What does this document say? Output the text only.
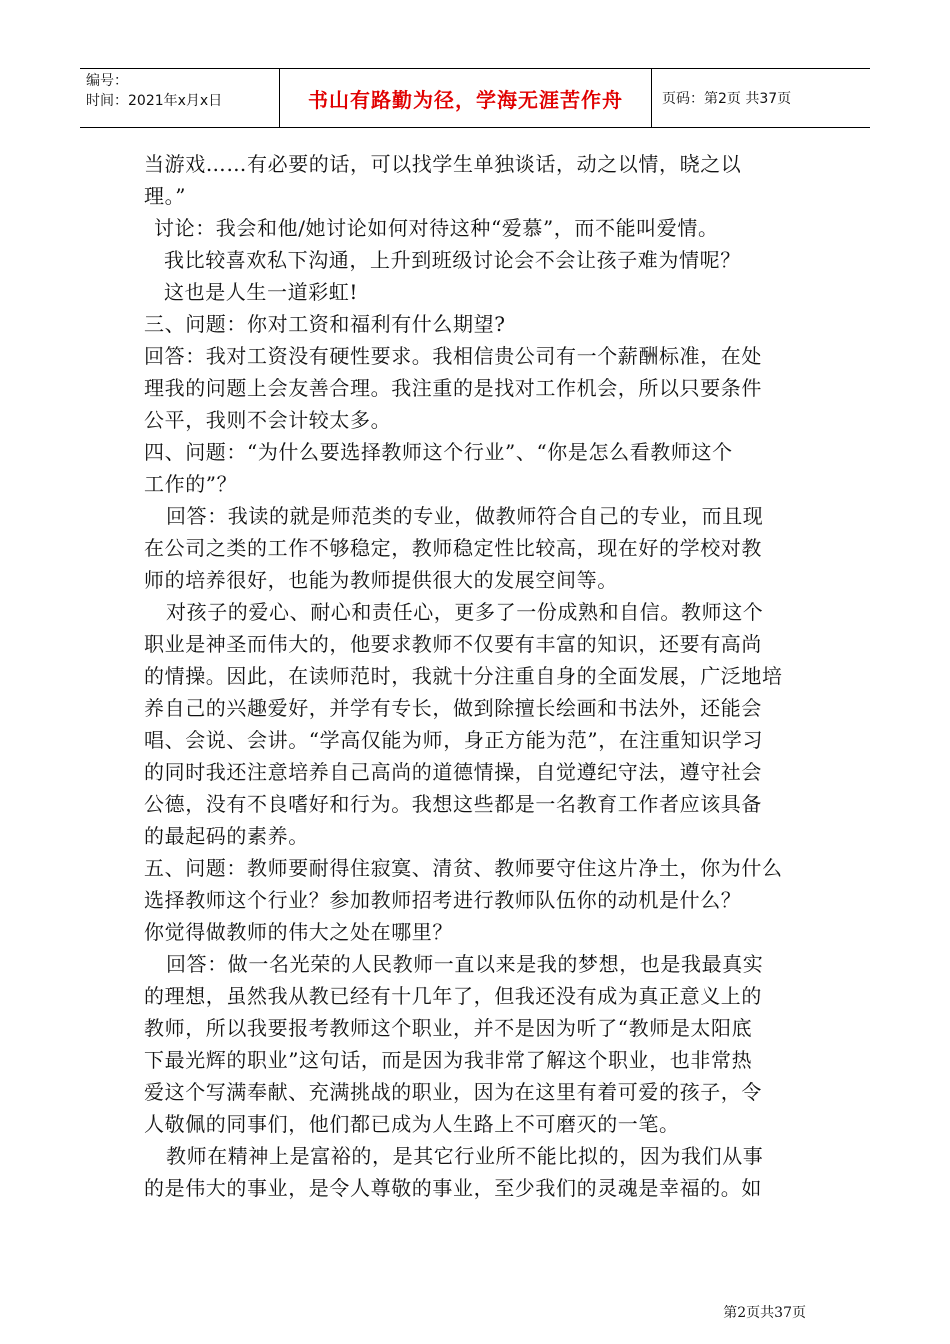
编号：
时间：2021年x月x日	书山有路勤为径，学海无涯苦作舟	页码：第2页 共37页
当游戏……有必要的话，可以找学生单独谈话，动之以情，晓之以
理。”
讨论：我会和他/她讨论如何对待这种“爱慕”，而不能叫爱情。
我比较喜欢私下沟通，上升到班级讨论会不会让孩子难为情呢？
这也是人生一道彩虹!
三、问题：你对工资和福利有什么期望?
回答：我对工资没有硬性要求。我相信贵公司有一个薪酬标准，在处
理我的问题上会友善合理。我注重的是找对工作机会，所以只要条件
公平，我则不会计较太多。
四、问题：“为什么要选择教师这个行业”、“你是怎么看教师这个
工作的”？
回答：我读的就是师范类的专业，做教师符合自己的专业，而且现
在公司之类的工作不够稳定，教师稳定性比较高，现在好的学校对教
师的培养很好，也能为教师提供很大的发展空间等。
对孩子的爱心、耐心和责任心，更多了一份成熟和自信。教师这个
职业是神圣而伟大的，他要求教师不仅要有丰富的知识，还要有高尚
的情操。因此，在读师范时，我就十分注重自身的全面发展，广泛地培
养自己的兴趣爱好，并学有专长，做到除擅长绘画和书法外，还能会
唱、会说、会讲。“学高仅能为师，身正方能为范”，在注重知识学习
的同时我还注意培养自己高尚的道德情操，自觉遵纪守法，遵守社会
公德，没有不良嗜好和行为。我想这些都是一名教育工作者应该具备
的最起码的素养。
五、问题：教师要耐得住寂寞、清贫、教师要守住这片净土，你为什么
选择教师这个行业？参加教师招考进行教师队伍你的动机是什么？
你觉得做教师的伟大之处在哪里？
回答：做一名光荣的人民教师一直以来是我的梦想，也是我最真实
的理想，虽然我从教已经有十几年了，但我还没有成为真正意义上的
教师，所以我要报考教师这个职业，并不是因为听了“教师是太阳底
下最光辉的职业”这句话，而是因为我非常了解这个职业，也非常热
爱这个写满奉献、充满挑战的职业，因为在这里有着可爱的孩子，令
人敬佩的同事们，他们都已成为人生路上不可磨灭的一笔。
教师在精神上是富裕的，是其它行业所不能比拟的，因为我们从事
的是伟大的事业，是令人尊敬的事业，至少我们的灵魂是幸福的。如
第2页共37页
